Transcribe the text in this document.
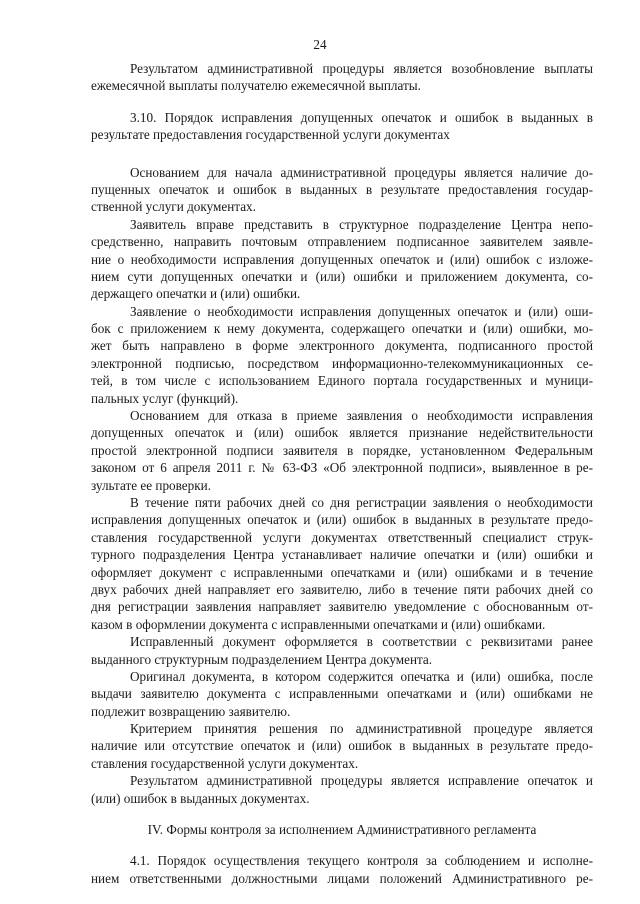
24
Результатом административной процедуры является возобновление выплаты
ежемесячной выплаты получателю ежемесячной выплаты.
3.10. Порядок исправления допущенных опечаток и ошибок в выданных в
результате предоставления государственной услуги документах
Основанием для начала административной процедуры является наличие до-
пущенных опечаток и ошибок в выданных в результате предоставления государ-
ственной услуги документах.
Заявитель вправе представить в структурное подразделение Центра непо-
средственно, направить почтовым отправлением подписанное заявителем заявле-
ние о необходимости исправления допущенных опечаток и (или) ошибок с изложе-
нием сути допущенных опечатки и (или) ошибки и приложением документа, со-
держащего опечатки и (или) ошибки.
Заявление о необходимости исправления допущенных опечаток и (или) оши-
бок с приложением к нему документа, содержащего опечатки и (или) ошибки, мо-
жет быть направлено в форме электронного документа, подписанного простой
электронной подписью, посредством информационно-телекоммуникационных се-
тей, в том числе с использованием Единого портала государственных и муници-
пальных услуг (функций).
Основанием для отказа в приеме заявления о необходимости исправления
допущенных опечаток и (или) ошибок является признание недействительности
простой электронной подписи заявителя в порядке, установленном Федеральным
законом от 6 апреля 2011 г. № 63-ФЗ «Об электронной подписи», выявленное в ре-
зультате ее проверки.
В течение пяти рабочих дней со дня регистрации заявления о необходимости
исправления допущенных опечаток и (или) ошибок в выданных в результате предо-
ставления государственной услуги документах ответственный специалист струк-
турного подразделения Центра устанавливает наличие опечатки и (или) ошибки и
оформляет документ с исправленными опечатками и (или) ошибками и в течение
двух рабочих дней направляет его заявителю, либо в течение пяти рабочих дней со
дня регистрации заявления направляет заявителю уведомление с обоснованным от-
казом в оформлении документа с исправленными опечатками и (или) ошибками.
Исправленный документ оформляется в соответствии с реквизитами ранее
выданного структурным подразделением Центра документа.
Оригинал документа, в котором содержится опечатка и (или) ошибка, после
выдачи заявителю документа с исправленными опечатками и (или) ошибками не
подлежит возвращению заявителю.
Критерием принятия решения по административной процедуре является
наличие или отсутствие опечаток и (или) ошибок в выданных в результате предо-
ставления государственной услуги документах.
Результатом административной процедуры является исправление опечаток и
(или) ошибок в выданных документах.
IV. Формы контроля за исполнением Административного регламента
4.1. Порядок осуществления текущего контроля за соблюдением и исполне-
нием ответственными должностными лицами положений Административного ре-
